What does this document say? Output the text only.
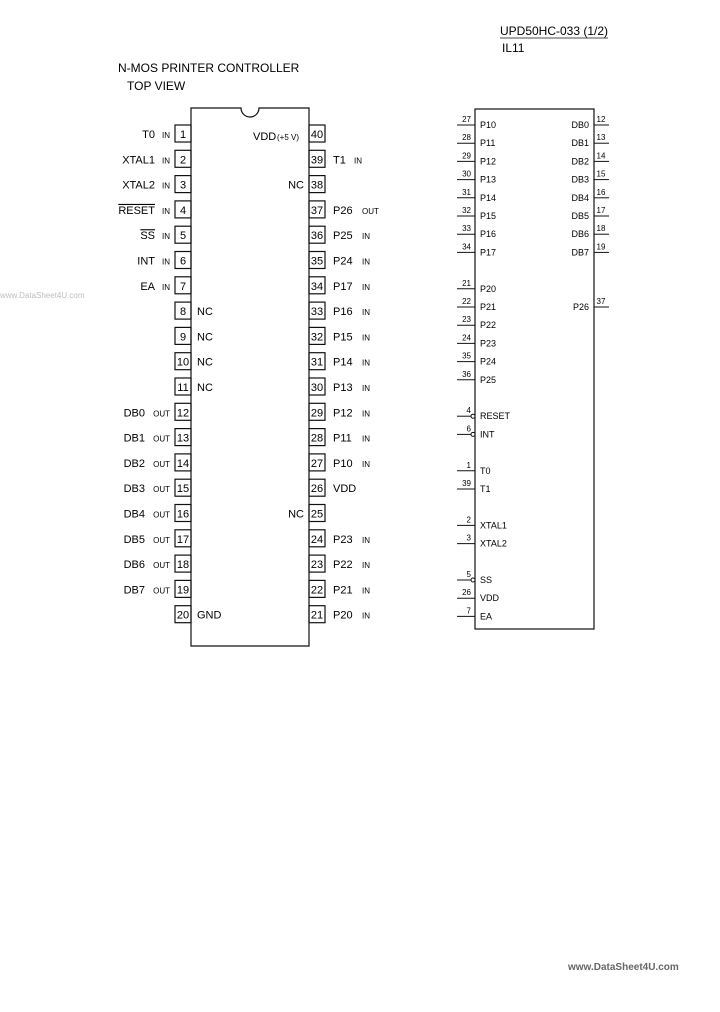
UPD50HC-033 (1/2)
IL11
N-MOS PRINTER CONTROLLER
TOP VIEW
www.DataSheet4U.com
www.DataSheet4U.com
VDD (+5 V)
1
IN
T0
2
IN
XTAL1
3
IN
XTAL2
4
IN
RESET
5
IN
SS
6
IN
INT
7
IN
EA
8 NC
9 NC
10 NC
11 NC
12
OUT
DB0
13
OUT
DB1
14
OUT
DB2
15
OUT
DB3
16
OUT
DB4
17
OUT
DB5
18
OUT
DB6
19
OUT
DB7
20 GND
40
39 T1 IN
38
NC
37 P26 OUT
36 P25 IN
35 P24 IN
34 P17 IN
33 P16 IN
32 P15 IN
31 P14 IN
30 P13 IN
29 P12 IN
28 P11 IN
27 P10 IN
26 VDD
25
NC
24 P23 IN
23 P22 IN
22 P21 IN
21 P20 IN
27
P10
28
P11
29
P12
30
P13
31
P14
32
P15
33
P16
34
P17
21
P20
22
P21
23
P22
24
P23
35
P24
36
P25
4
RESET
6
INT
1
T0
39
T1
2
XTAL1
3
XTAL2
5
SS
26
VDD
7
EA
12
DB0
13
DB1
14
DB2
15
DB3
16
DB4
17
DB5
18
DB6
19
DB7
37
P26
